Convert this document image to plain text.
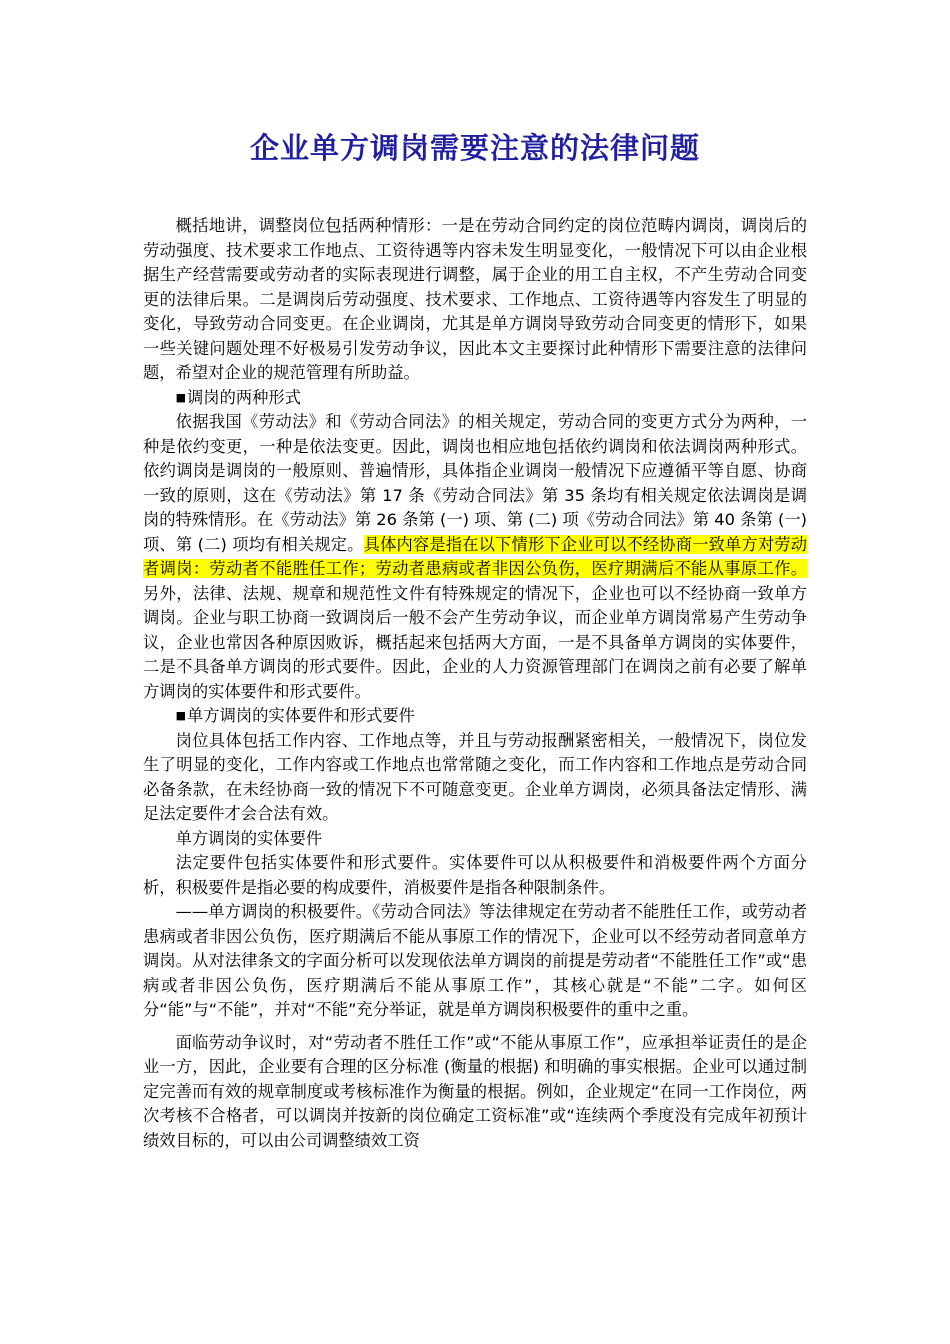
企业单方调岗需要注意的法律问题

概括地讲，调整岗位包括两种情形：一是在劳动合同约定的岗位范畴内调岗，调岗后的劳动强度、技术要求工作地点、工资待遇等内容未发生明显变化，一般情况下可以由企业根据生产经营需要或劳动者的实际表现进行调整，属于企业的用工自主权，不产生劳动合同变更的法律后果。二是调岗后劳动强度、技术要求、工作地点、工资待遇等内容发生了明显的变化，导致劳动合同变更。在企业调岗，尤其是单方调岗导致劳动合同变更的情形下，如果一些关键问题处理不好极易引发劳动争议，因此本文主要探讨此种情形下需要注意的法律问题，希望对企业的规范管理有所助益。

■调岗的两种形式

依据我国《劳动法》和《劳动合同法》的相关规定，劳动合同的变更方式分为两种，一种是依约变更，一种是依法变更。因此，调岗也相应地包括依约调岗和依法调岗两种形式。依约调岗是调岗的一般原则、普遍情形，具体指企业调岗一般情况下应遵循平等自愿、协商一致的原则，这在《劳动法》第 17 条《劳动合同法》第 35 条均有相关规定依法调岗是调岗的特殊情形。在《劳动法》第 26 条第 (一) 项、第 (二) 项《劳动合同法》第 40 条第 (一) 项、第 (二) 项均有相关规定。具体内容是指在以下情形下企业可以不经协商一致单方对劳动者调岗：劳动者不能胜任工作；劳动者患病或者非因公负伤，医疗期满后不能从事原工作。另外，法律、法规、规章和规范性文件有特殊规定的情况下，企业也可以不经协商一致单方调岗。企业与职工协商一致调岗后一般不会产生劳动争议，而企业单方调岗常易产生劳动争议，企业也常因各种原因败诉，概括起来包括两大方面，一是不具备单方调岗的实体要件，二是不具备单方调岗的形式要件。因此，企业的人力资源管理部门在调岗之前有必要了解单方调岗的实体要件和形式要件。

■单方调岗的实体要件和形式要件

岗位具体包括工作内容、工作地点等，并且与劳动报酬紧密相关，一般情况下，岗位发生了明显的变化，工作内容或工作地点也常常随之变化，而工作内容和工作地点是劳动合同必备条款，在未经协商一致的情况下不可随意变更。企业单方调岗，必须具备法定情形、满足法定要件才会合法有效。

单方调岗的实体要件

法定要件包括实体要件和形式要件。实体要件可以从积极要件和消极要件两个方面分析，积极要件是指必要的构成要件，消极要件是指各种限制条件。

——单方调岗的积极要件。《劳动合同法》等法律规定在劳动者不能胜任工作，或劳动者患病或者非因公负伤，医疗期满后不能从事原工作的情况下，企业可以不经劳动者同意单方调岗。从对法律条文的字面分析可以发现依法单方调岗的前提是劳动者“不能胜任工作”或“患病或者非因公负伤，医疗期满后不能从事原工作”，其核心就是“不能”二字。如何区分“能”与“不能”，并对“不能”充分举证，就是单方调岗积极要件的重中之重。

面临劳动争议时，对“劳动者不胜任工作”或“不能从事原工作”，应承担举证责任的是企业一方，因此，企业要有合理的区分标准 (衡量的根据) 和明确的事实根据。企业可以通过制定完善而有效的规章制度或考核标准作为衡量的根据。例如，企业规定“在同一工作岗位，两次考核不合格者，可以调岗并按新的岗位确定工资标准”或“连续两个季度没有完成年初预计绩效目标的，可以由公司调整绩效工资
